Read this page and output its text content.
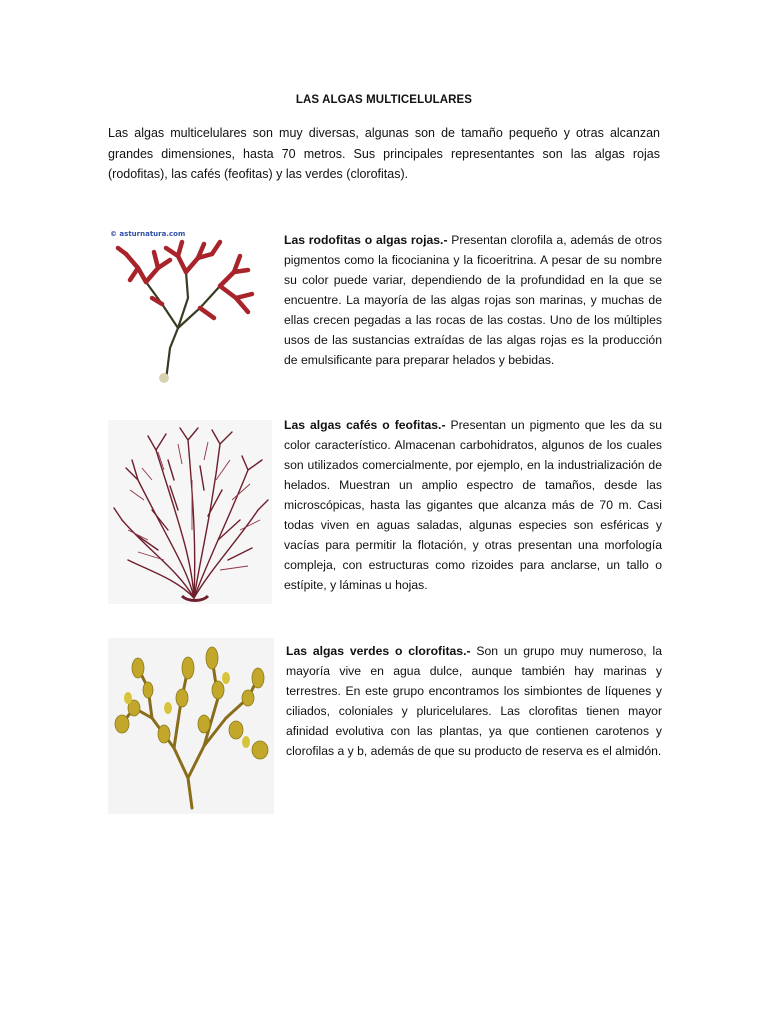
LAS ALGAS MULTICELULARES
Las algas multicelulares son muy diversas, algunas son de tamaño pequeño y otras alcanzan grandes dimensiones, hasta 70 metros. Sus principales representantes son las algas rojas (rodofitas), las cafés (feofitas) y las verdes (clorofitas).
© asturnatura.com	Las rodofitas o algas rojas.- Presentan clorofila a, además de otros pigmentos como la ficocianina y la ficoeritrina. A pesar de su nombre su color puede variar, dependiendo de la profundidad en la que se encuentre. La mayoría de las algas rojas son marinas, y muchas de ellas crecen pegadas a las rocas de las costas. Uno de los múltiples usos de las sustancias extraídas de las algas rojas es la producción de emulsificante para preparar helados y bebidas.
Las algas cafés o feofitas.- Presentan un pigmento que les da su color característico. Almacenan carbohidratos, algunos de los cuales son utilizados comercialmente, por ejemplo, en la industrialización de helados. Muestran un amplio espectro de tamaños, desde las microscópicas, hasta las gigantes que alcanza más de 70 m. Casi todas viven en aguas saladas, algunas especies son esféricas y vacías para permitir la flotación, y otras presentan una morfología compleja, con estructuras como rizoides para anclarse, un tallo o estípite, y láminas u hojas.
Las algas verdes o clorofitas.- Son un grupo muy numeroso, la mayoría vive en agua dulce, aunque también hay marinas y terrestres. En este grupo encontramos los simbiontes de líquenes y ciliados, coloniales y pluricelulares. Las clorofitas tienen mayor afinidad evolutiva con las plantas, ya que contienen carotenos y clorofilas a y b, además de que su producto de reserva es el almidón.
